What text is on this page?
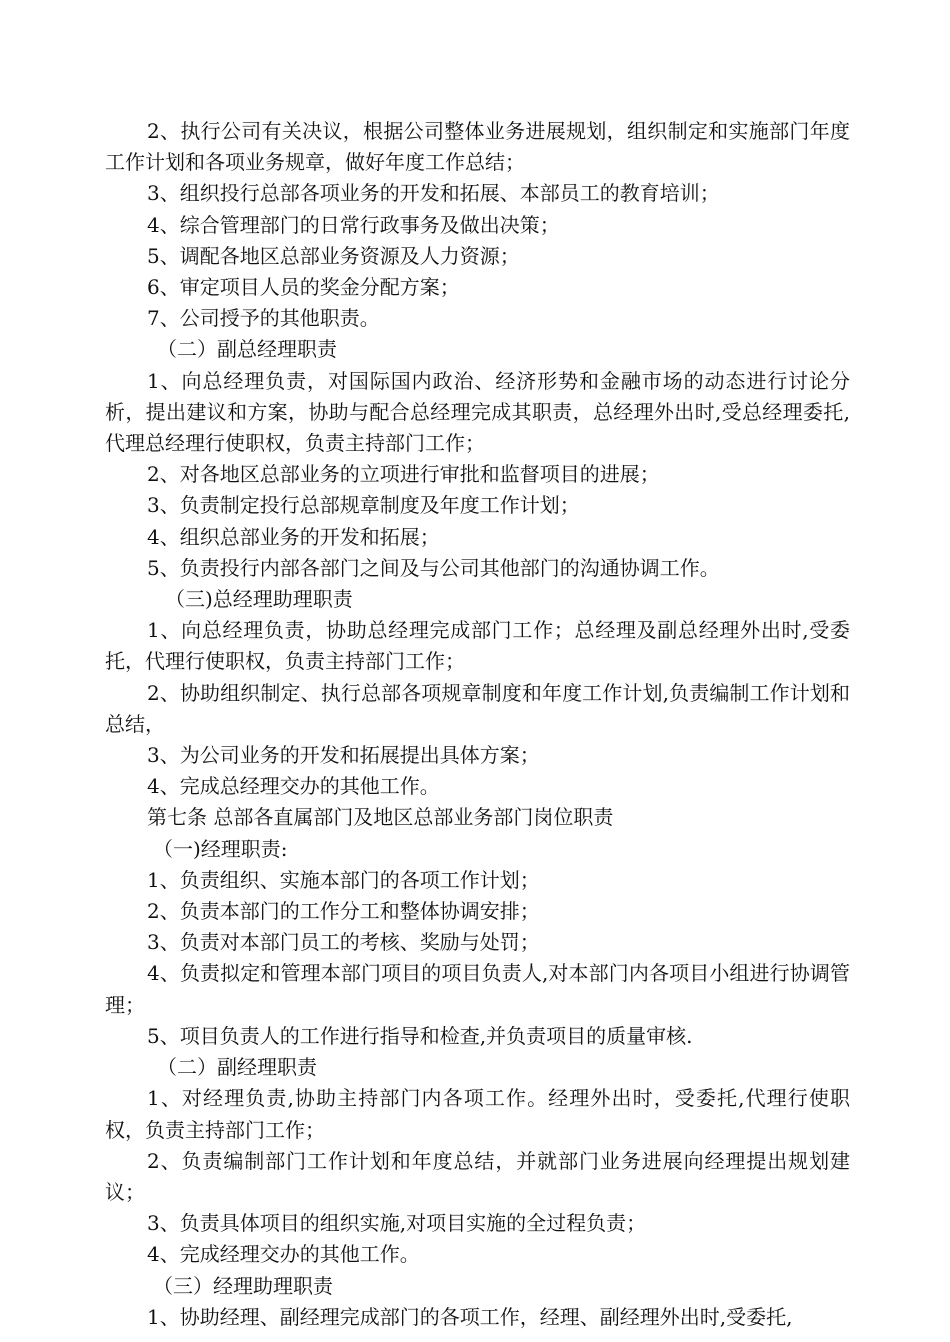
2、执行公司有关决议，根据公司整体业务进展规划，组织制定和实施部门年度工作计划和各项业务规章，做好年度工作总结；

3、组织投行总部各项业务的开发和拓展、本部员工的教育培训；

4、综合管理部门的日常行政事务及做出决策；

5、调配各地区总部业务资源及人力资源；

6、审定项目人员的奖金分配方案；

7、公司授予的其他职责。

（二）副总经理职责

1、向总经理负责，对国际国内政治、经济形势和金融市场的动态进行讨论分析，提出建议和方案，协助与配合总经理完成其职责，总经理外出时,受总经理委托,代理总经理行使职权，负责主持部门工作；

2、对各地区总部业务的立项进行审批和监督项目的进展；

3、负责制定投行总部规章制度及年度工作计划；

4、组织总部业务的开发和拓展；

5、负责投行内部各部门之间及与公司其他部门的沟通协调工作。

（三)总经理助理职责

1、向总经理负责，协助总经理完成部门工作；总经理及副总经理外出时,受委托，代理行使职权，负责主持部门工作；

2、协助组织制定、执行总部各项规章制度和年度工作计划,负责编制工作计划和总结，

3、为公司业务的开发和拓展提出具体方案；

4、完成总经理交办的其他工作。

第七条 总部各直属部门及地区总部业务部门岗位职责

（一)经理职责:

1、负责组织、实施本部门的各项工作计划；

2、负责本部门的工作分工和整体协调安排；

3、负责对本部门员工的考核、奖励与处罚；

4、负责拟定和管理本部门项目的项目负责人,对本部门内各项目小组进行协调管理；

5、项目负责人的工作进行指导和检查,并负责项目的质量审核.

（二）副经理职责

1、对经理负责,协助主持部门内各项工作。经理外出时，受委托,代理行使职权，负责主持部门工作；

2、负责编制部门工作计划和年度总结，并就部门业务进展向经理提出规划建议；

3、负责具体项目的组织实施,对项目实施的全过程负责；

4、完成经理交办的其他工作。

（三）经理助理职责

1、协助经理、副经理完成部门的各项工作，经理、副经理外出时,受委托,
